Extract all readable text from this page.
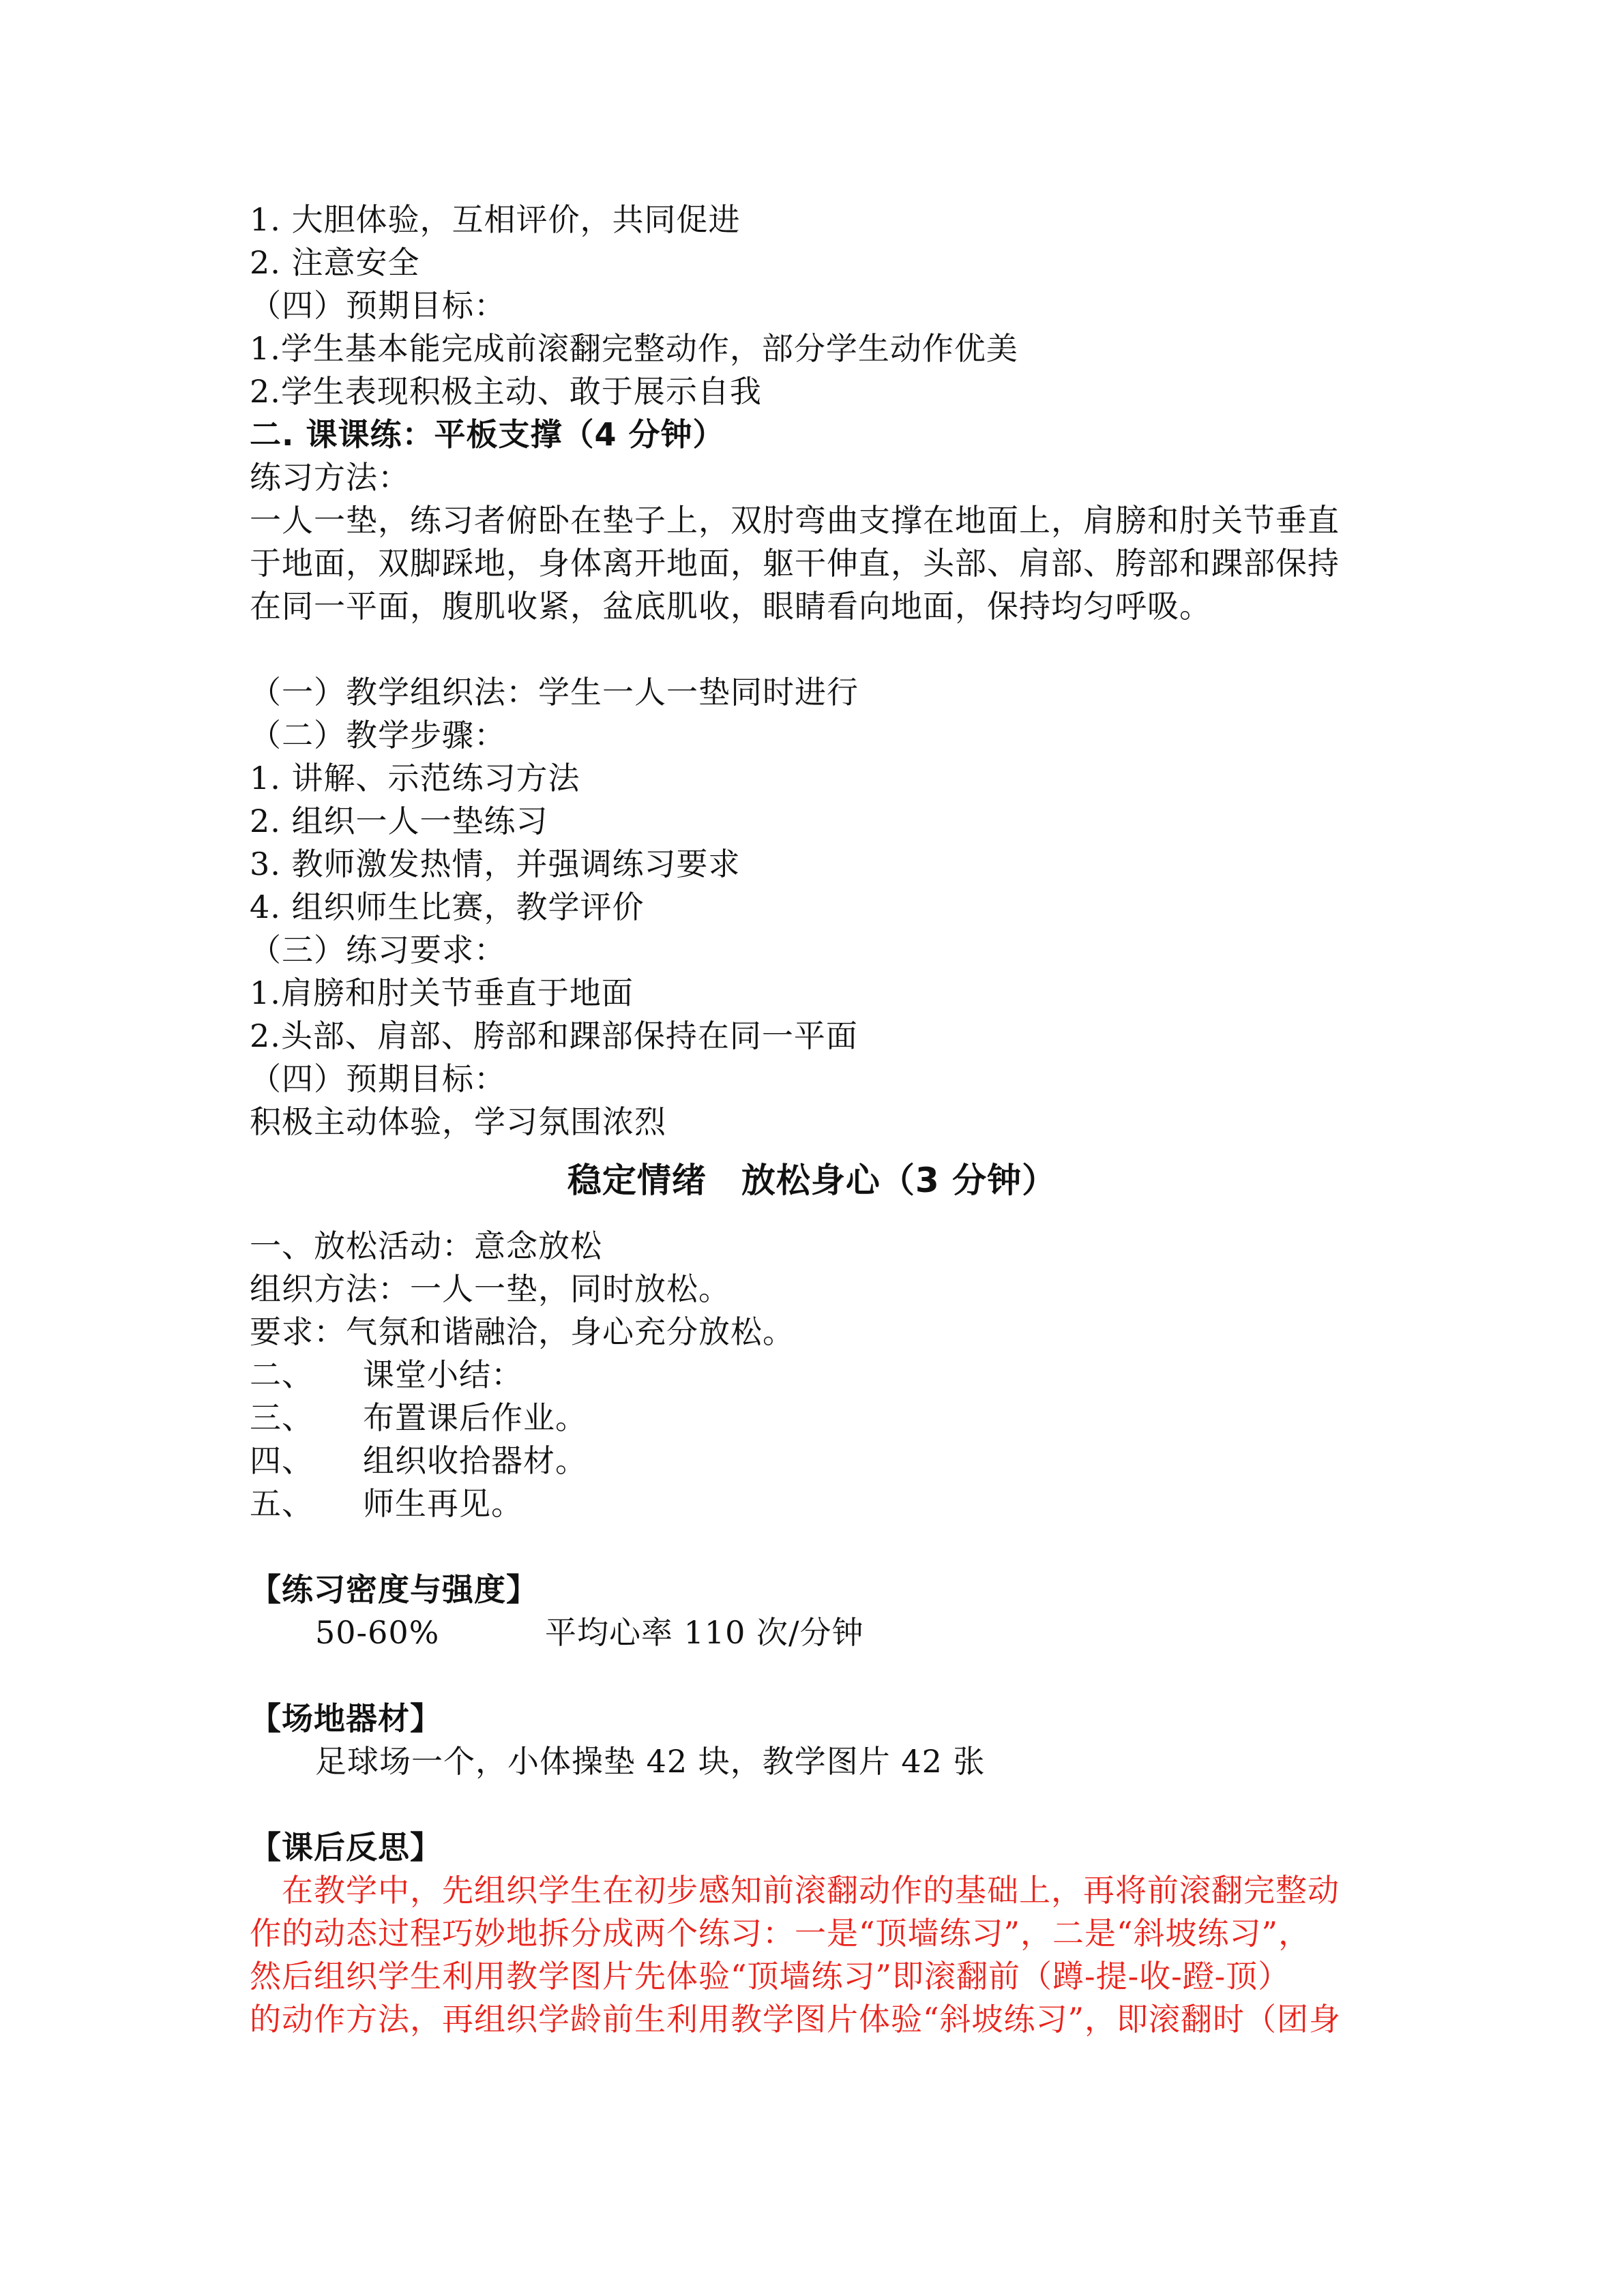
1. 大胆体验，互相评价，共同促进
2. 注意安全
（四）预期目标：
1.学生基本能完成前滚翻完整动作，部分学生动作优美
2.学生表现积极主动、敢于展示自我
二. 课课练：平板支撑（4 分钟）
练习方法：
一人一垫，练习者俯卧在垫子上，双肘弯曲支撑在地面上，肩膀和肘关节垂直
于地面，双脚踩地，身体离开地面，躯干伸直，头部、肩部、胯部和踝部保持
在同一平面，腹肌收紧，盆底肌收，眼睛看向地面，保持均匀呼吸。
（一）教学组织法：学生一人一垫同时进行
（二）教学步骤：
1. 讲解、示范练习方法
2. 组织一人一垫练习
3. 教师激发热情，并强调练习要求
4. 组织师生比赛，教学评价
（三）练习要求：
1.肩膀和肘关节垂直于地面
2.头部、肩部、胯部和踝部保持在同一平面
（四）预期目标：
积极主动体验，学习氛围浓烈
稳定情绪　放松身心（3 分钟）
一、放松活动：意念放松
组织方法：一人一垫，同时放松。
要求：气氛和谐融洽，身心充分放松。
二、 课堂小结：
三、 布置课后作业。
四、 组织收拾器材。
五、 师生再见。
【练习密度与强度】
50-60%	平均心率 110 次/分钟
【场地器材】
足球场一个，小体操垫 42 块，教学图片 42 张
【课后反思】
　在教学中，先组织学生在初步感知前滚翻动作的基础上，再将前滚翻完整动
作的动态过程巧妙地拆分成两个练习：一是“顶墙练习”，二是“斜坡练习”，
然后组织学生利用教学图片先体验“顶墙练习”即滚翻前（蹲-提-收-蹬-顶）
的动作方法，再组织学龄前生利用教学图片体验“斜坡练习”，即滚翻时（团身
